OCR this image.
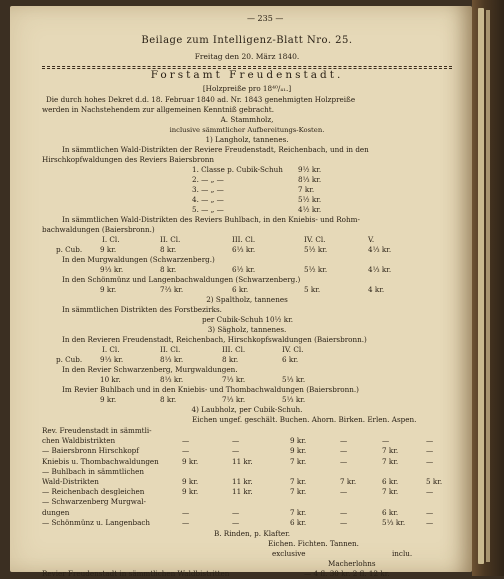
— 235 —
Beilage zum Intelligenz-Blatt Nro. 25.
Freitag den 20. März 1840.
Forstamt Freudenstadt.
[Holzpreiße pro 18⁴⁰/₄₁.]
Die durch hohes Dekret d.d. 18. Februar 1840 ad. Nr. 1843 genehmigten Holzpreiße
werden in Nachstehendem zur allgemeinen Kenntniß gebracht.
A. Stammholz,
inclusive sämmtlicher Aufbereitungs-Kosten.
1) Langholz, tannenes.
In sämmtlichen Wald-Distrikten der Reviere Freudenstadt, Reichenbach, und in den
Hirschkopfwaldungen des Reviers Baiersbronn
1. Classe p. Cubik-Schuh 9½ kr.
2. — „ —	8⅓ kr.
3. — „ —	7 kr.
4. — „ —	5½ kr.
5. — „ —	4½ kr.
In sämmtlichen Wald-Distrikten des Reviers Buhlbach, in den Kniebis- und Rohm-
bachwaldungen (Baiersbronn.)
I. Cl.	II. Cl.	III. Cl.	IV. Cl.	V.
p. Cub. 9 kr.	8 kr.	6⅓ kr.	5½ kr.	4⅓ kr.
In den Murgwaldungen (Schwarzenberg.)
9⅓ kr.	8 kr.	6½ kr.	5½ kr.	4⅓ kr.
In den Schönmünz und Langenbachwaldungen (Schwarzenberg.)
9 kr.	7⅔ kr.	6 kr.	5 kr.	4 kr.
2) Spaltholz, tannenes
In sämmtlichen Distrikten des Forstbezirks.
per Cubik-Schuh 10½ kr.
3) Sägholz, tannenes.
In den Revieren Freudenstadt, Reichenbach, Hirschkopfswaldungen (Baiersbronn.)
I. Cl.	II. Cl.	III. Cl.	IV. Cl.
p. Cub. 9⅓ kr.	8⅓ kr.	8 kr.	6 kr.
In den Revier Schwarzenberg, Murgwaldungen.
10 kr.	8⅓ kr.	7⅓ kr.	5⅓ kr.
Im Revier Buhlbach und in den Kniebis- und Thombachwaldungen (Baiersbronn.)
9 kr.	8 kr.	7⅓ kr.	5⅓ kr.
4) Laubholz, per Cubik-Schuh.
Eichen ungef. geschält. Buchen. Ahorn. Birken. Erlen. Aspen.
Rev. Freudenstadt in sämmtli-
chen Waldbistrikten	—	—	9 kr.	—	—	—
— Baiersbronn Hirschkopf	—	—	9 kr.	—	7 kr.	—
Kniebis u. Thombachwaldungen	9 kr.	11 kr.	7 kr.	—	7 kr.	—
— Buhlbach in sämmtlichen
Wald-Distrikten	9 kr.	11 kr.	7 kr.	7 kr.	6 kr.	5 kr.
— Reichenbach desgleichen	9 kr.	11 kr.	7 kr.	—	7 kr.	—
— Schwarzenberg Murgwal-
dungen	—	—	7 kr.	—	6 kr.	—
— Schönmünz u. Langenbach	—	—	6 kr.	—	5⅓ kr.	—
B. Rinden, p. Klafter.
Eichen. Fichten. Tannen.
exclusive	inclu.
Macherlohns
Revier Freudenstadt in sämmtlichen Waldbistritten	— 4 fl. 30 kr. 2 fl. 12 kr.
